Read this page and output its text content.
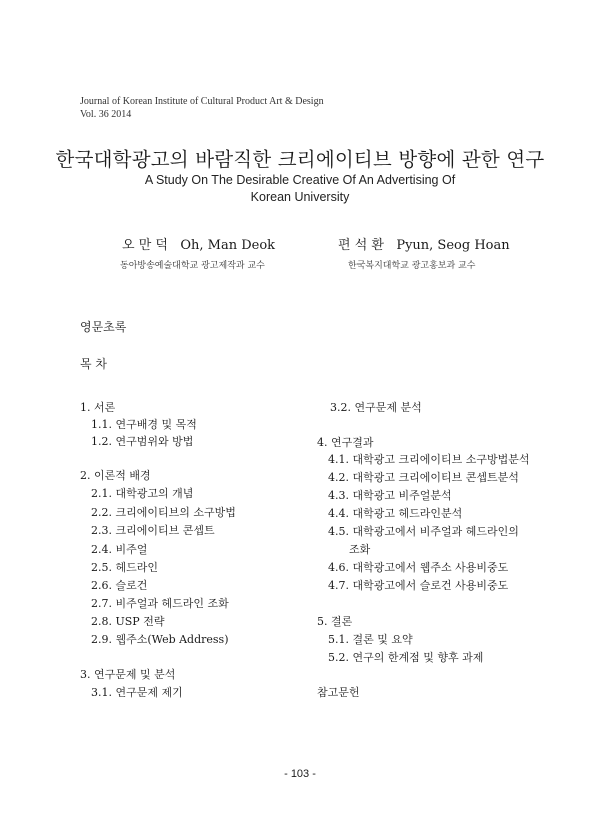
Journal of Korean Institute of Cultural Product Art & Design
Vol. 36 2014
한국대학광고의 바람직한 크리에이티브 방향에 관한 연구
A Study On The Desirable Creative Of An Advertising Of
Korean University
오 만 덕   Oh, Man Deok
동아방송예술대학교 광고제작과 교수
편 석 환   Pyun, Seog Hoan
한국복지대학교 광고홍보과 교수
영문초록
목 차
1. 서론
1.1. 연구배경 및 목적
1.2. 연구범위와 방법
2. 이론적 배경
2.1. 대학광고의 개념
2.2. 크리에이티브의 소구방법
2.3. 크리에이티브 콘셉트
2.4. 비주얼
2.5. 헤드라인
2.6. 슬로건
2.7. 비주얼과 헤드라인 조화
2.8. USP 전략
2.9. 웹주소(Web Address)
3. 연구문제 및 분석
3.1. 연구문제 제기
3.2. 연구문제 분석
4. 연구결과
4.1. 대학광고 크리에이티브 소구방법분석
4.2. 대학광고 크리에이티브 콘셉트분석
4.3. 대학광고 비주얼분석
4.4. 대학광고 헤드라인분석
4.5. 대학광고에서 비주얼과 헤드라인의
조화
4.6. 대학광고에서 웹주소 사용비중도
4.7. 대학광고에서 슬로건 사용비중도
5. 결론
5.1. 결론 및 요약
5.2. 연구의 한계점 및 향후 과제
참고문헌
- 103 -
